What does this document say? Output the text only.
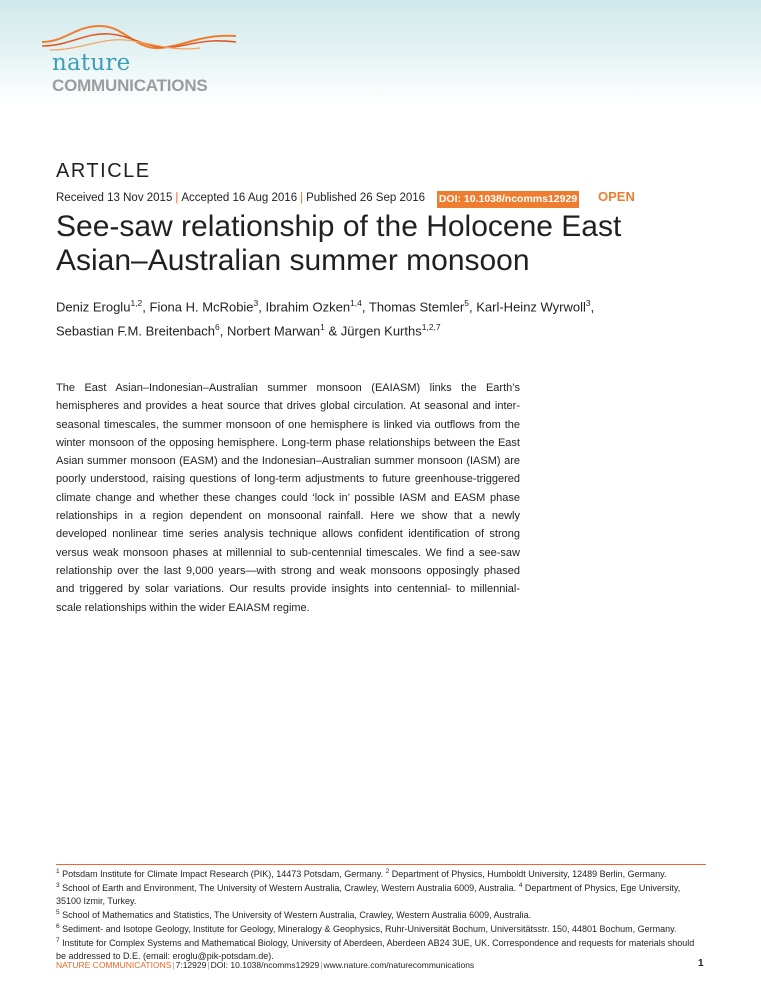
nature
COMMUNICATIONS
ARTICLE
Received 13 Nov 2015 | Accepted 16 Aug 2016 | Published 26 Sep 2016 DOI: 10.1038/ncomms12929 OPEN
See-saw relationship of the Holocene East
Asian–Australian summer monsoon

Deniz Eroglu$^{1,2}$, Fiona H. McRobie$^3$, Ibrahim Ozken$^{1,4}$, Thomas Stemler$^5$, Karl-Heinz Wyrwoll$^3$,
Sebastian F.M. Breitenbach$^6$, Norbert Marwan$^1$ & Jürgen Kurths$^{1,2,7}$

The East Asian–Indonesian–Australian summer monsoon (EAIASM) links the Earth’s hemispheres and provides a heat source that drives global circulation. At seasonal and inter-seasonal timescales, the summer monsoon of one hemisphere is linked via outflows from the winter monsoon of the opposing hemisphere. Long-term phase relationships between the East Asian summer monsoon (EASM) and the Indonesian–Australian summer monsoon (IASM) are poorly understood, raising questions of long-term adjustments to future greenhouse-triggered climate change and whether these changes could ‘lock in’ possible IASM and EASM phase relationships in a region dependent on monsoonal rainfall. Here we show that a newly developed nonlinear time series analysis technique allows confident identification of strong versus weak monsoon phases at millennial to sub-centennial timescales. We find a see-saw relationship over the last 9,000 years—with strong and weak monsoons opposingly phased and triggered by solar variations. Our results provide insights into centennial- to millennial-scale relationships within the wider EAIASM regime.

$^1$ Potsdam Institute for Climate Impact Research (PIK), 14473 Potsdam, Germany. $^2$ Department of Physics, Humboldt University, 12489 Berlin, Germany.
$^3$ School of Earth and Environment, The University of Western Australia, Crawley, Western Australia 6009, Australia. $^4$ Department of Physics, Ege University, 35100 Izmir, Turkey.
$^5$ School of Mathematics and Statistics, The University of Western Australia, Crawley, Western Australia 6009, Australia.
$^6$ Sediment- and Isotope Geology, Institute for Geology, Mineralogy & Geophysics, Ruhr-Universität Bochum, Universitätsstr. 150, 44801 Bochum, Germany.
$^7$ Institute for Complex Systems and Mathematical Biology, University of Aberdeen, Aberdeen AB24 3UE, UK. Correspondence and requests for materials should be addressed to D.E. (email: eroglu@pik-potsdam.de).

NATURE COMMUNICATIONS|7:12929|DOI: 10.1038/ncomms12929|www.nature.com/naturecommunications	1
